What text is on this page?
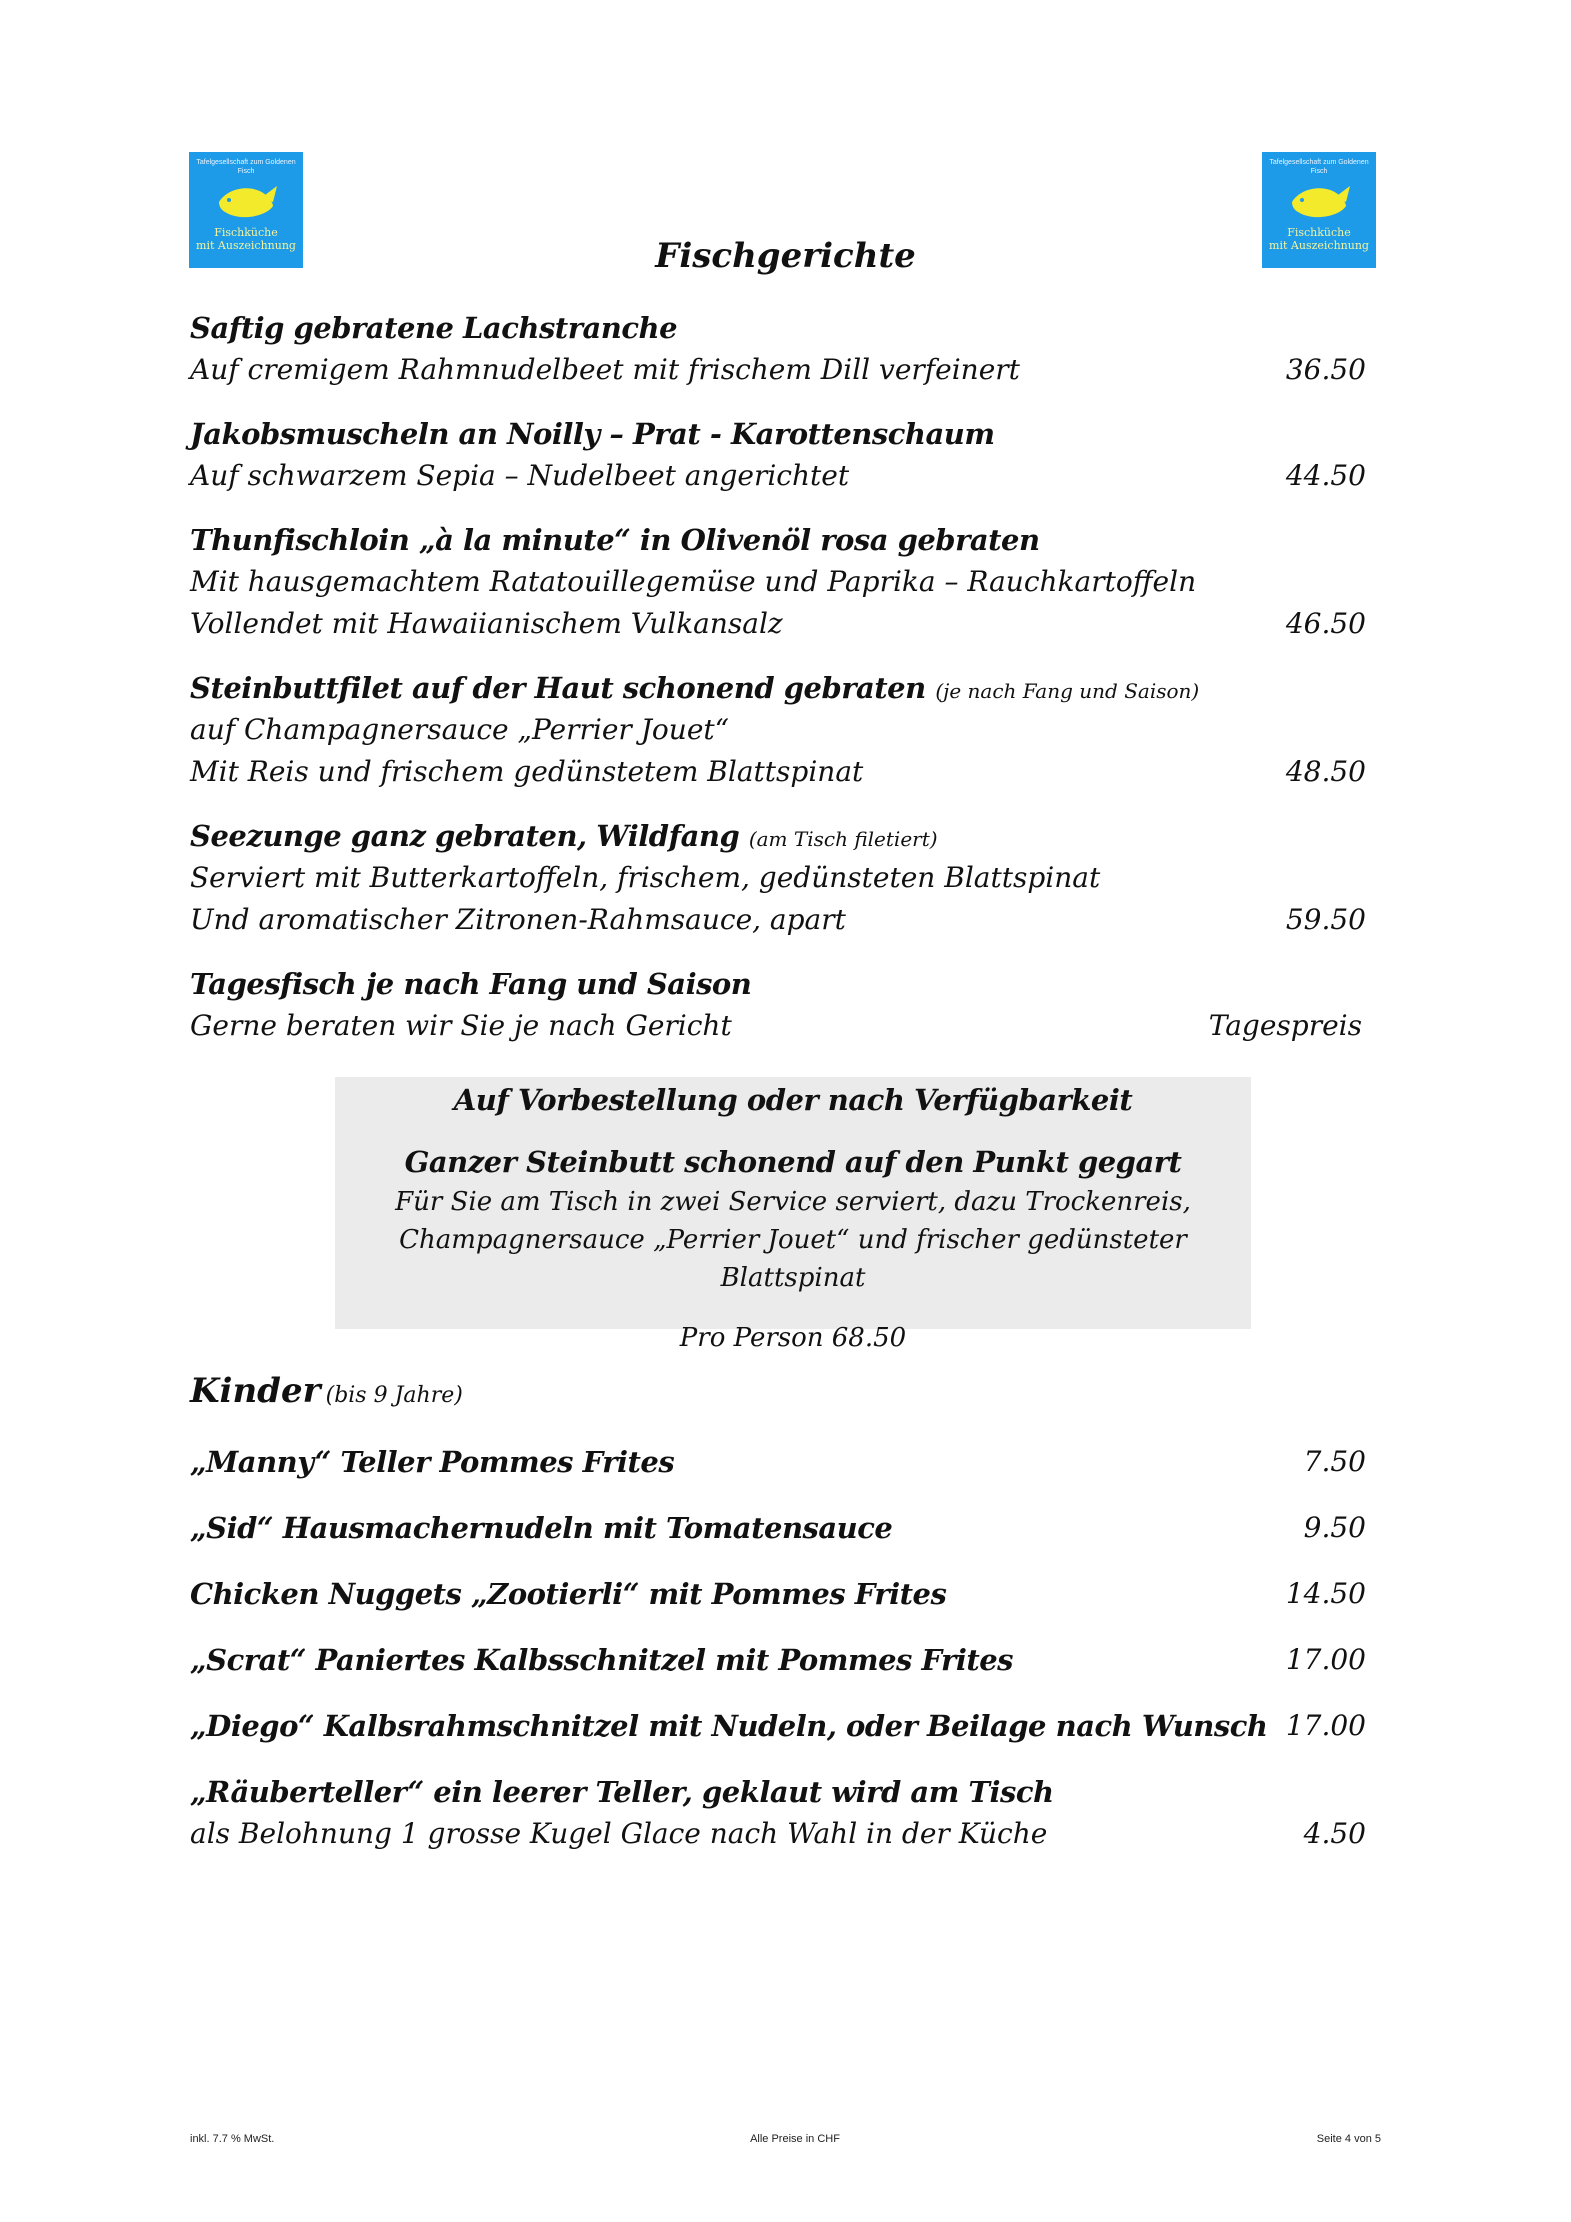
Tafelgesellschaft zum Goldenen Fisch
Fischküche
mit Auszeichnung
Tafelgesellschaft zum Goldenen Fisch
Fischküche
mit Auszeichnung
Fischgerichte
Saftig gebratene Lachstranche
Auf cremigem Rahmnudelbeet mit frischem Dill verfeinert	36.50
Jakobsmuscheln an Noilly – Prat - Karottenschaum
Auf schwarzem Sepia – Nudelbeet angerichtet	44.50
Thunfischloin „à la minute“ in Olivenöl rosa gebraten
Mit hausgemachtem Ratatouillegemüse und Paprika – Rauchkartoffeln
Vollendet mit Hawaiianischem Vulkansalz	46.50
Steinbuttfilet auf der Haut schonend gebraten (je nach Fang und Saison)
auf Champagnersauce „Perrier Jouet“
Mit Reis und frischem gedünstetem Blattspinat	48.50
Seezunge ganz gebraten, Wildfang (am Tisch filetiert)
Serviert mit Butterkartoffeln, frischem, gedünsteten Blattspinat
Und aromatischer Zitronen-Rahmsauce, apart	59.50
Tagesfisch je nach Fang und Saison
Gerne beraten wir Sie je nach Gericht	Tagespreis
Auf Vorbestellung oder nach Verfügbarkeit
Ganzer Steinbutt schonend auf den Punkt gegart
Für Sie am Tisch in zwei Service serviert, dazu Trockenreis,
Champagnersauce „Perrier Jouet“ und frischer gedünsteter Blattspinat
Pro Person 68.50
Kinder (bis 9 Jahre)
„Manny“ Teller Pommes Frites	7.50
„Sid“ Hausmachernudeln mit Tomatensauce	9.50
Chicken Nuggets „Zootierli“ mit Pommes Frites	14.50
„Scrat“ Paniertes Kalbsschnitzel mit Pommes Frites	17.00
„Diego“ Kalbsrahmschnitzel mit Nudeln, oder Beilage nach Wunsch 17.00
„Räuberteller“ ein leerer Teller, geklaut wird am Tisch
als Belohnung 1 grosse Kugel Glace nach Wahl in der Küche	4.50
inkl. 7.7 % MwSt.	Alle Preise in CHF	Seite 4 von 5
